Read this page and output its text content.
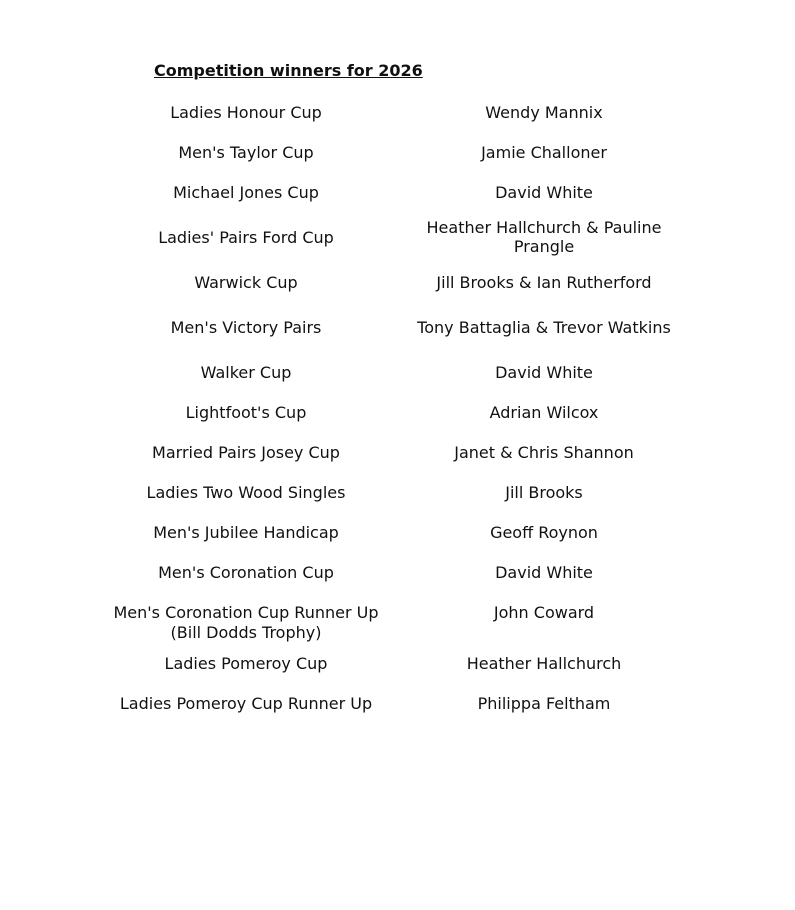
Competition winners for 2026
Ladies Honour Cup	Wendy Mannix
Men's Taylor Cup	Jamie Challoner
Michael Jones Cup	David White
Ladies' Pairs Ford Cup	Heather Hallchurch & Pauline Prangle
Warwick Cup	Jill Brooks & Ian Rutherford
Men's Victory Pairs	Tony Battaglia & Trevor Watkins
Walker Cup	David White
Lightfoot's Cup	Adrian Wilcox
Married Pairs Josey Cup	Janet & Chris Shannon
Ladies Two Wood Singles	Jill Brooks
Men's Jubilee Handicap	Geoff Roynon
Men's Coronation Cup	David White
Men's Coronation Cup Runner Up (Bill Dodds Trophy)	John Coward
Ladies Pomeroy Cup	Heather Hallchurch
Ladies Pomeroy Cup Runner Up	Philippa Feltham
